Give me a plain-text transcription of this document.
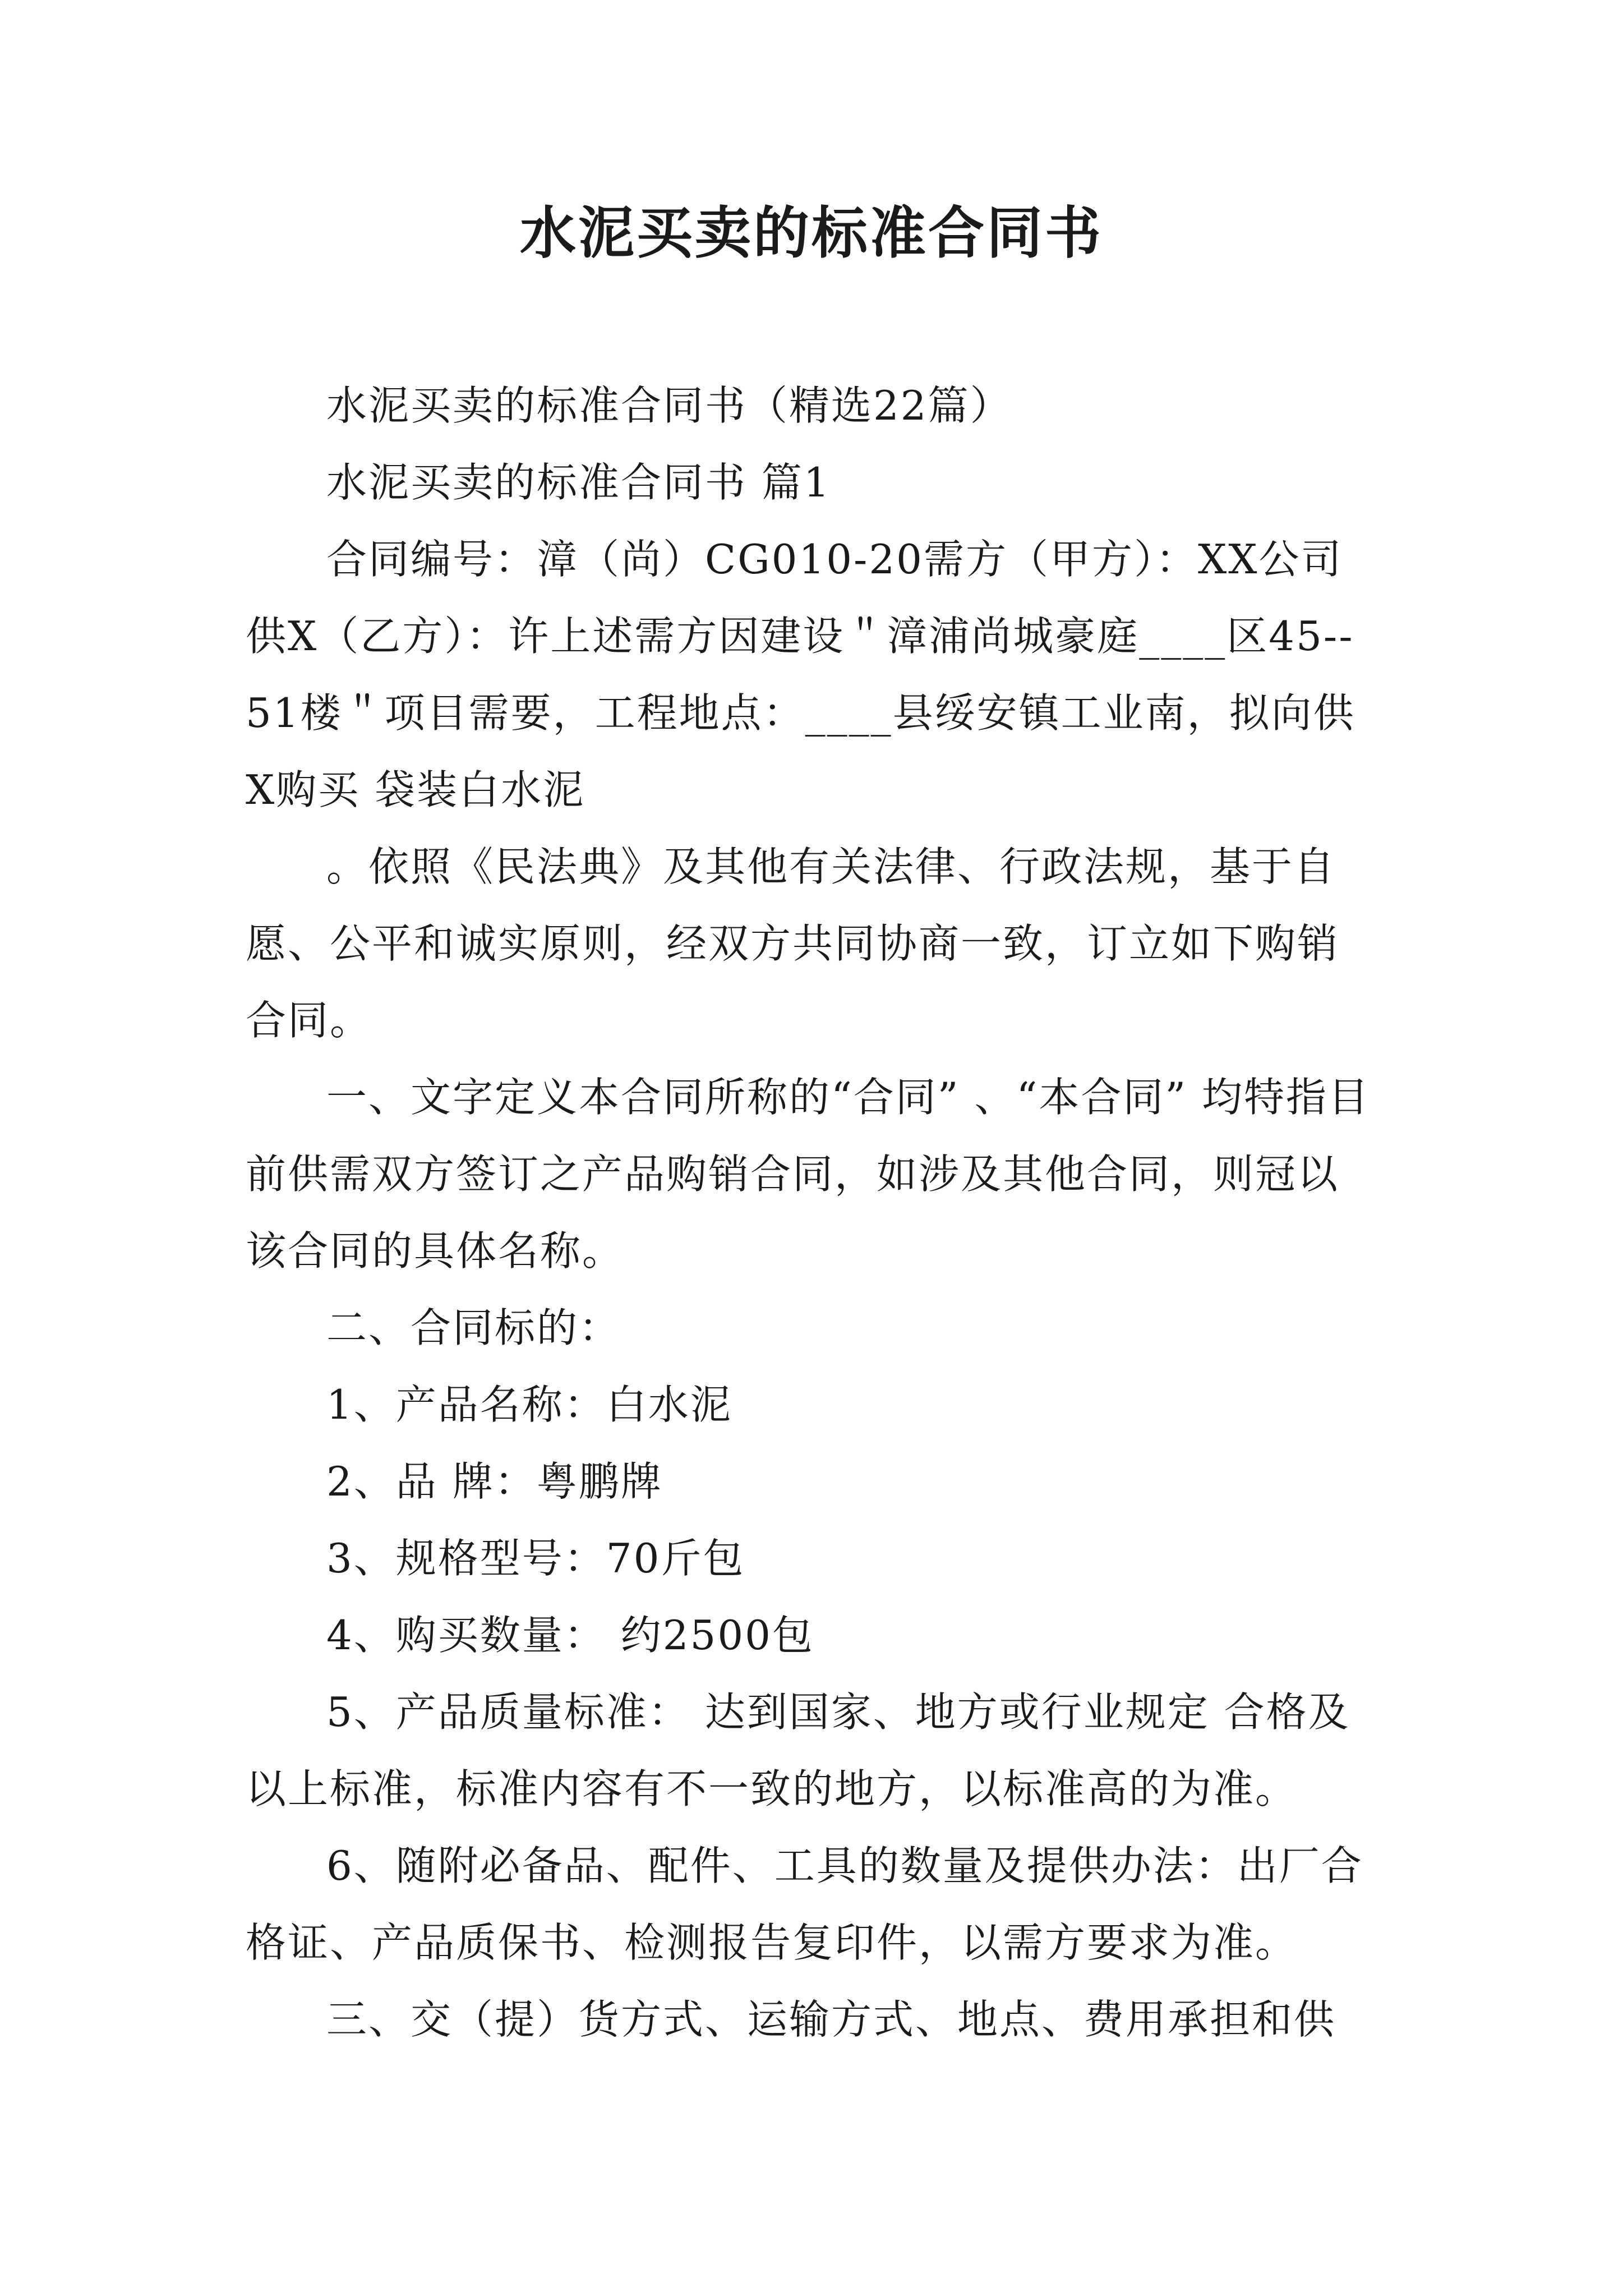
水泥买卖的标准合同书

水泥买卖的标准合同书（精选22篇）

水泥买卖的标准合同书 篇1

合同编号：漳（尚）CG010-20需方（甲方）：XX公司供X（乙方）：许上述需方因建设＂漳浦尚城豪庭____区45--51楼＂项目需要，工程地点：____县绥安镇工业南，拟向供X购买 袋装白水泥

。依照《民法典》及其他有关法律、行政法规，基于自愿、公平和诚实原则，经双方共同协商一致，订立如下购销合同。

一、文字定义本合同所称的“合同” 、“本合同” 均特指目前供需双方签订之产品购销合同，如涉及其他合同，则冠以该合同的具体名称。

二、合同标的：

1、产品名称：白水泥

2、品 牌：粤鹏牌

3、规格型号：70斤包

4、购买数量： 约2500包

5、产品质量标准： 达到国家、地方或行业规定 合格及以上标准，标准内容有不一致的地方，以标准高的为准。

6、随附必备品、配件、工具的数量及提供办法：出厂合格证、产品质保书、检测报告复印件，以需方要求为准。

三、交（提）货方式、运输方式、地点、费用承担和供
